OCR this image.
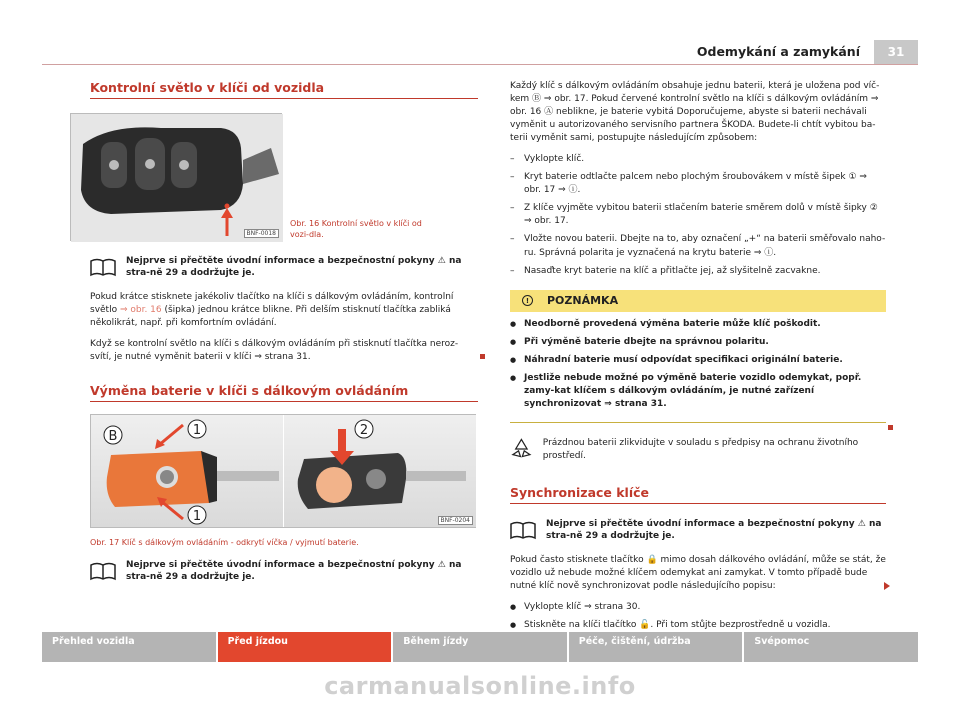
Odemykání a zamykání	31
Kontrolní světlo v klíči od vozidla
BNF-0018
Obr. 16 Kontrolní světlo v klíči od vozi-dla.

Nejprve si přečtěte úvodní informace a bezpečnostní pokyny ⚠ na stra-ně 29 a dodržujte je.

Pokud krátce stisknete jakékoliv tlačítko na klíči s dálkovým ovládáním, kontrolní světlo ⇒ obr. 16 (šipka) jednou krátce blikne. Při delším stisknutí tlačítka zabliká několikrát, např. při komfortním ovládání.

Když se kontrolní světlo na klíči s dálkovým ovládáním při stisknutí tlačítka neroz-svítí, je nutné vyměnit baterii v klíči ⇒ strana 31.

Výměna baterie v klíči s dálkovým ovládáním
B	1
1
2
BNF-0204
Obr. 17 Klíč s dálkovým ovládáním - odkrytí víčka / vyjmutí baterie.

Nejprve si přečtěte úvodní informace a bezpečnostní pokyny ⚠ na stra-ně 29 a dodržujte je.

Každý klíč s dálkovým ovládáním obsahuje jednu baterii, která je uložena pod víč-kem Ⓑ ⇒ obr. 17. Pokud červené kontrolní světlo na klíči s dálkovým ovládáním ⇒ obr. 16 Ⓐ neblikne, je baterie vybitá Doporučujeme, abyste si baterii nechávali vyměnit u autorizovaného servisního partnera ŠKODA. Budete-li chtít vybitou ba-terii vyměnit sami, postupujte následujícím způsobem:

– Vyklopte klíč.
– Kryt baterie odtlačte palcem nebo plochým šroubovákem v místě šipek ① ⇒ obr. 17 ⇒ ⓘ.
– Z klíče vyjměte vybitou baterii stlačením baterie směrem dolů v místě šipky ② ⇒ obr. 17.
– Vložte novou baterii. Dbejte na to, aby označení „+“ na baterii směřovalo naho-ru. Správná polarita je vyznačená na krytu baterie ⇒ ⓘ.
– Nasaďte kryt baterie na klíč a přitlačte jej, až slyšitelně zacvakne.
!	POZNÁMKA
● Neodborně provedená výměna baterie může klíč poškodit.
● Při výměně baterie dbejte na správnou polaritu.
● Náhradní baterie musí odpovídat specifikaci originální baterie.
● Jestliže nebude možné po výměně baterie vozidlo odemykat, popř. zamy-kat klíčem s dálkovým ovládáním, je nutné zařízení synchronizovat ⇒ strana 31.

Prázdnou baterii zlikvidujte v souladu s předpisy na ochranu životního prostředí.

Synchronizace klíče

Nejprve si přečtěte úvodní informace a bezpečnostní pokyny ⚠ na stra-ně 29 a dodržujte je.

Pokud často stisknete tlačítko 🔒 mimo dosah dálkového ovládání, může se stát, že vozidlo už nebude možné klíčem odemykat ani zamykat. V tomto případě bude nutné klíč nově synchronizovat podle následujícího popisu:

● Vyklopte klíč ⇒ strana 30.
● Stiskněte na klíči tlačítko 🔓. Při tom stůjte bezprostředně u vozidla.
Přehled vozidla	Před jízdou	Během jízdy	Péče, čištění, údržba	Svépomoc
carmanualsonline.info
